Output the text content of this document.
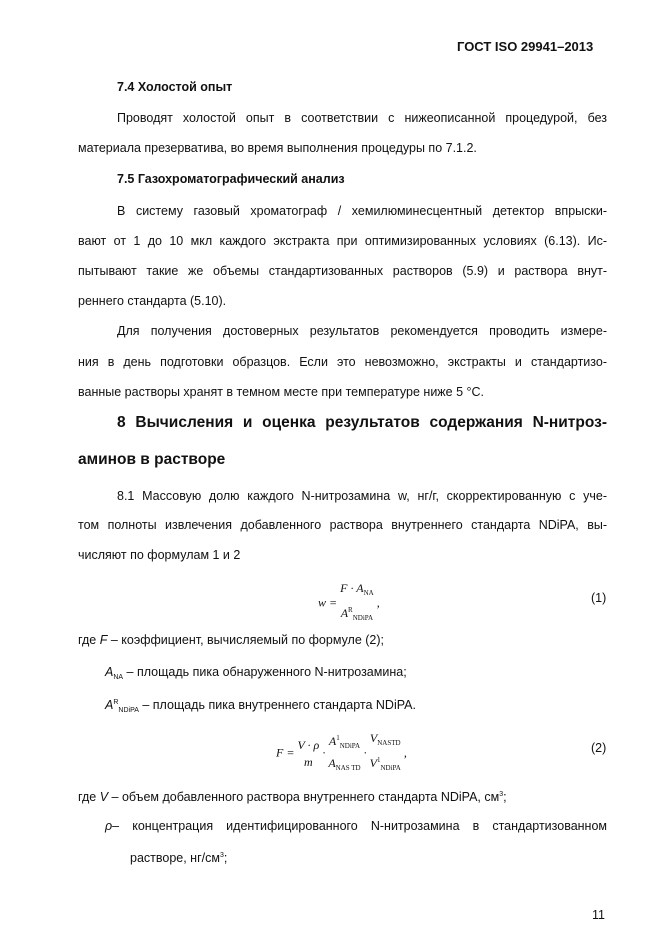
ГОСТ ISO 29941–2013
7.4 Холостой опыт
Проводят холостой опыт в соответствии с нижеописанной процедурой, без
материала презерватива, во время выполнения процедуры по 7.1.2.
7.5 Газохроматографический анализ
В систему газовый хроматограф / хемилюминесцентный детектор впрыски-
вают от 1 до 10 мкл каждого экстракта при оптимизированных условиях (6.13). Ис-
пытывают такие же объемы стандартизованных растворов (5.9) и раствора внут-
реннего стандарта (5.10).
Для получения достоверных результатов рекомендуется проводить измере-
ния в день подготовки образцов. Если это невозможно, экстракты и стандартизо-
ванные растворы хранят в темном месте при температуре ниже 5 °С.
8 Вычисления и оценка результатов содержания N-нитроз-
аминов в растворе
8.1 Массовую долю каждого N-нитрозамина w, нг/г, скорректированную с уче-
том полноты извлечения добавленного раствора внутреннего стандарта NDiPA, вы-
числяют по формулам 1 и 2
w =
$F \cdot A_{NA}$
$A^R_{NDiPA}$
,	(1)
где F – коэффициент, вычисляемый по формуле (2);
$A_{NA}$ – площадь пика обнаруженного N-нитрозамина;
$A^R_{NDiPA}$ – площадь пика внутреннего стандарта NDiPA.
F =
V · ρ
m
·
$A^1_{NDiPA}$
$A_{NAS TD}$
·
$V_{NASTD}$
$V^1_{NDiPA}$
,	(2)
где V – объем добавленного раствора внутреннего стандарта NDiPA, $см^3$;
ρ – концентрация идентифицированного N-нитрозамина в стандартизованном
растворе, $нг/см^3$;
11
